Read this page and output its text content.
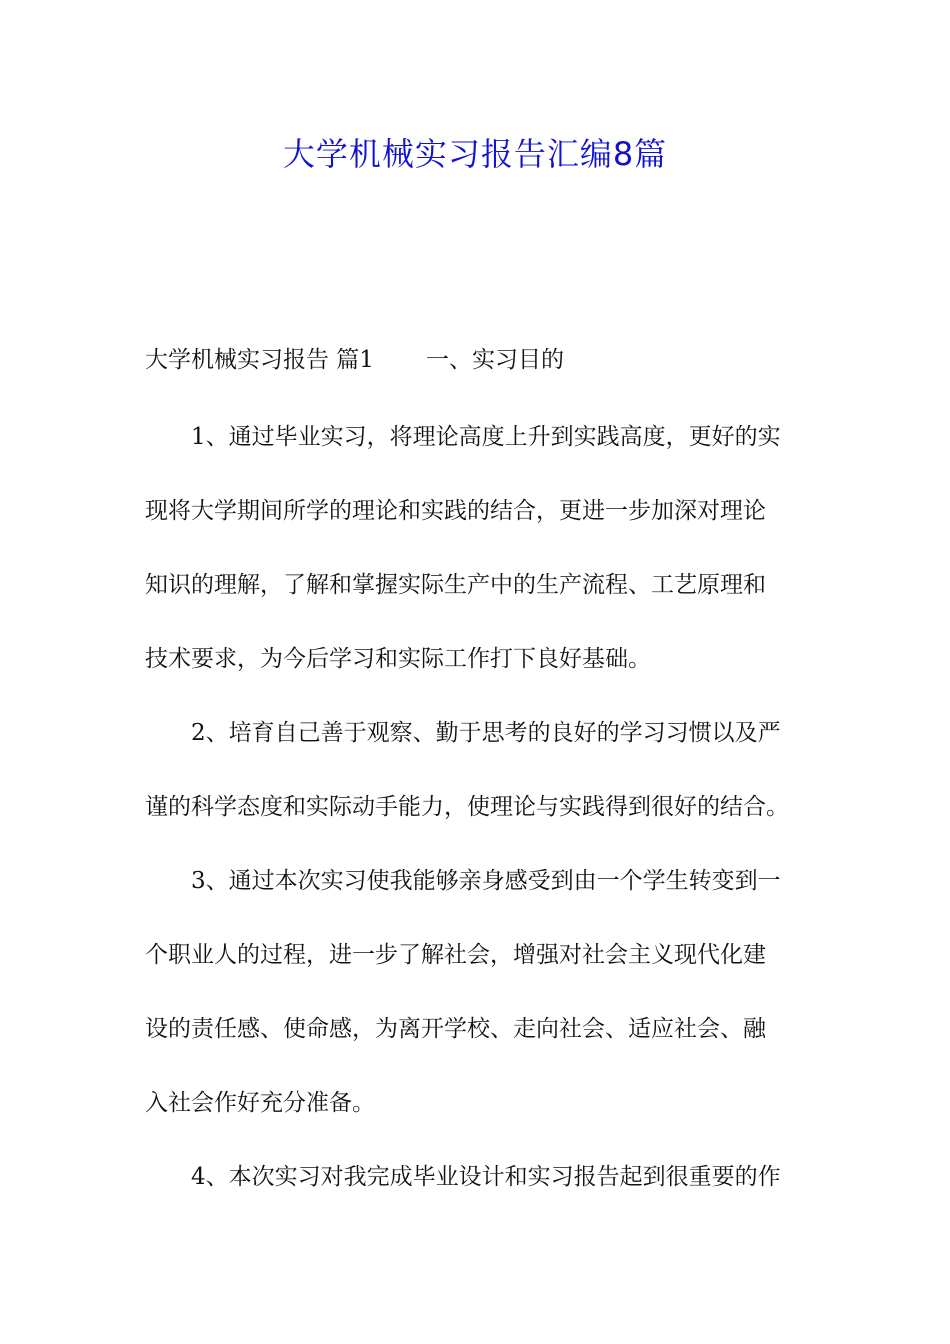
大学机械实习报告汇编8篇
大学机械实习报告 篇1 一、实习目的
1、通过毕业实习，将理论高度上升到实践高度，更好的实
现将大学期间所学的理论和实践的结合，更进一步加深对理论
知识的理解，了解和掌握实际生产中的生产流程、工艺原理和
技术要求，为今后学习和实际工作打下良好基础。
2、培育自己善于观察、勤于思考的良好的学习习惯以及严
谨的科学态度和实际动手能力，使理论与实践得到很好的结合。
3、通过本次实习使我能够亲身感受到由一个学生转变到一
个职业人的过程，进一步了解社会，增强对社会主义现代化建
设的责任感、使命感，为离开学校、走向社会、适应社会、融
入社会作好充分准备。
4、本次实习对我完成毕业设计和实习报告起到很重要的作
